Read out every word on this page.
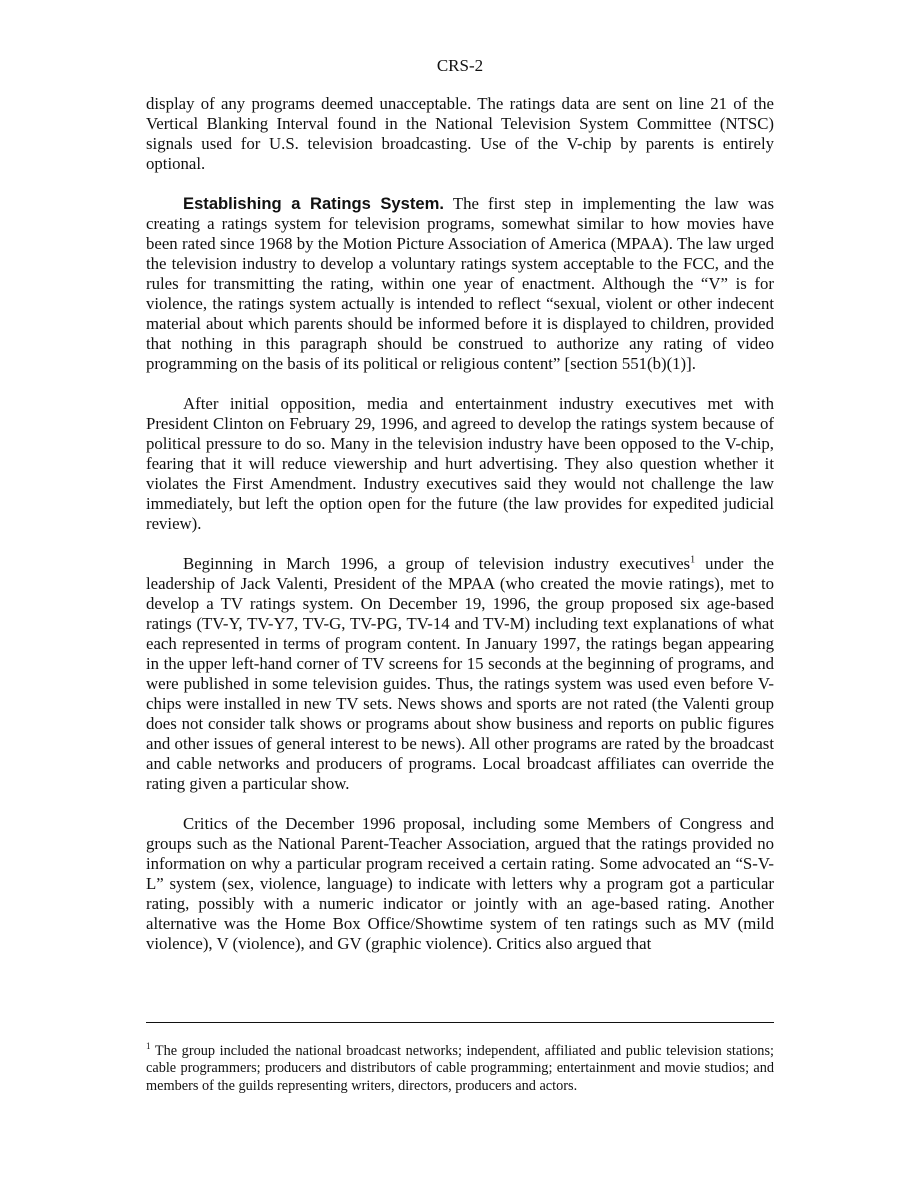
CRS-2

display of any programs deemed unacceptable. The ratings data are sent on line 21 of the Vertical Blanking Interval found in the National Television System Committee (NTSC) signals used for U.S. television broadcasting. Use of the V-chip by parents is entirely optional.

Establishing a Ratings System. The first step in implementing the law was creating a ratings system for television programs, somewhat similar to how movies have been rated since 1968 by the Motion Picture Association of America (MPAA). The law urged the television industry to develop a voluntary ratings system acceptable to the FCC, and the rules for transmitting the rating, within one year of enactment. Although the “V” is for violence, the ratings system actually is intended to reflect “sexual, violent or other indecent material about which parents should be informed before it is displayed to children, provided that nothing in this paragraph should be construed to authorize any rating of video programming on the basis of its political or religious content” [section 551(b)(1)].

After initial opposition, media and entertainment industry executives met with President Clinton on February 29, 1996, and agreed to develop the ratings system because of political pressure to do so. Many in the television industry have been opposed to the V-chip, fearing that it will reduce viewership and hurt advertising. They also question whether it violates the First Amendment. Industry executives said they would not challenge the law immediately, but left the option open for the future (the law provides for expedited judicial review).

Beginning in March 1996, a group of television industry executives$^1$ under the leadership of Jack Valenti, President of the MPAA (who created the movie ratings), met to develop a TV ratings system. On December 19, 1996, the group proposed six age-based ratings (TV-Y, TV-Y7, TV-G, TV-PG, TV-14 and TV-M) including text explanations of what each represented in terms of program content. In January 1997, the ratings began appearing in the upper left-hand corner of TV screens for 15 seconds at the beginning of programs, and were published in some television guides. Thus, the ratings system was used even before V-chips were installed in new TV sets. News shows and sports are not rated (the Valenti group does not consider talk shows or programs about show business and reports on public figures and other issues of general interest to be news). All other programs are rated by the broadcast and cable networks and producers of programs. Local broadcast affiliates can override the rating given a particular show.

Critics of the December 1996 proposal, including some Members of Congress and groups such as the National Parent-Teacher Association, argued that the ratings provided no information on why a particular program received a certain rating. Some advocated an “S-V-L” system (sex, violence, language) to indicate with letters why a program got a particular rating, possibly with a numeric indicator or jointly with an age-based rating. Another alternative was the Home Box Office/Showtime system of ten ratings such as MV (mild violence), V (violence), and GV (graphic violence). Critics also argued that

$^1$ The group included the national broadcast networks; independent, affiliated and public television stations; cable programmers; producers and distributors of cable programming; entertainment and movie studios; and members of the guilds representing writers, directors, producers and actors.
